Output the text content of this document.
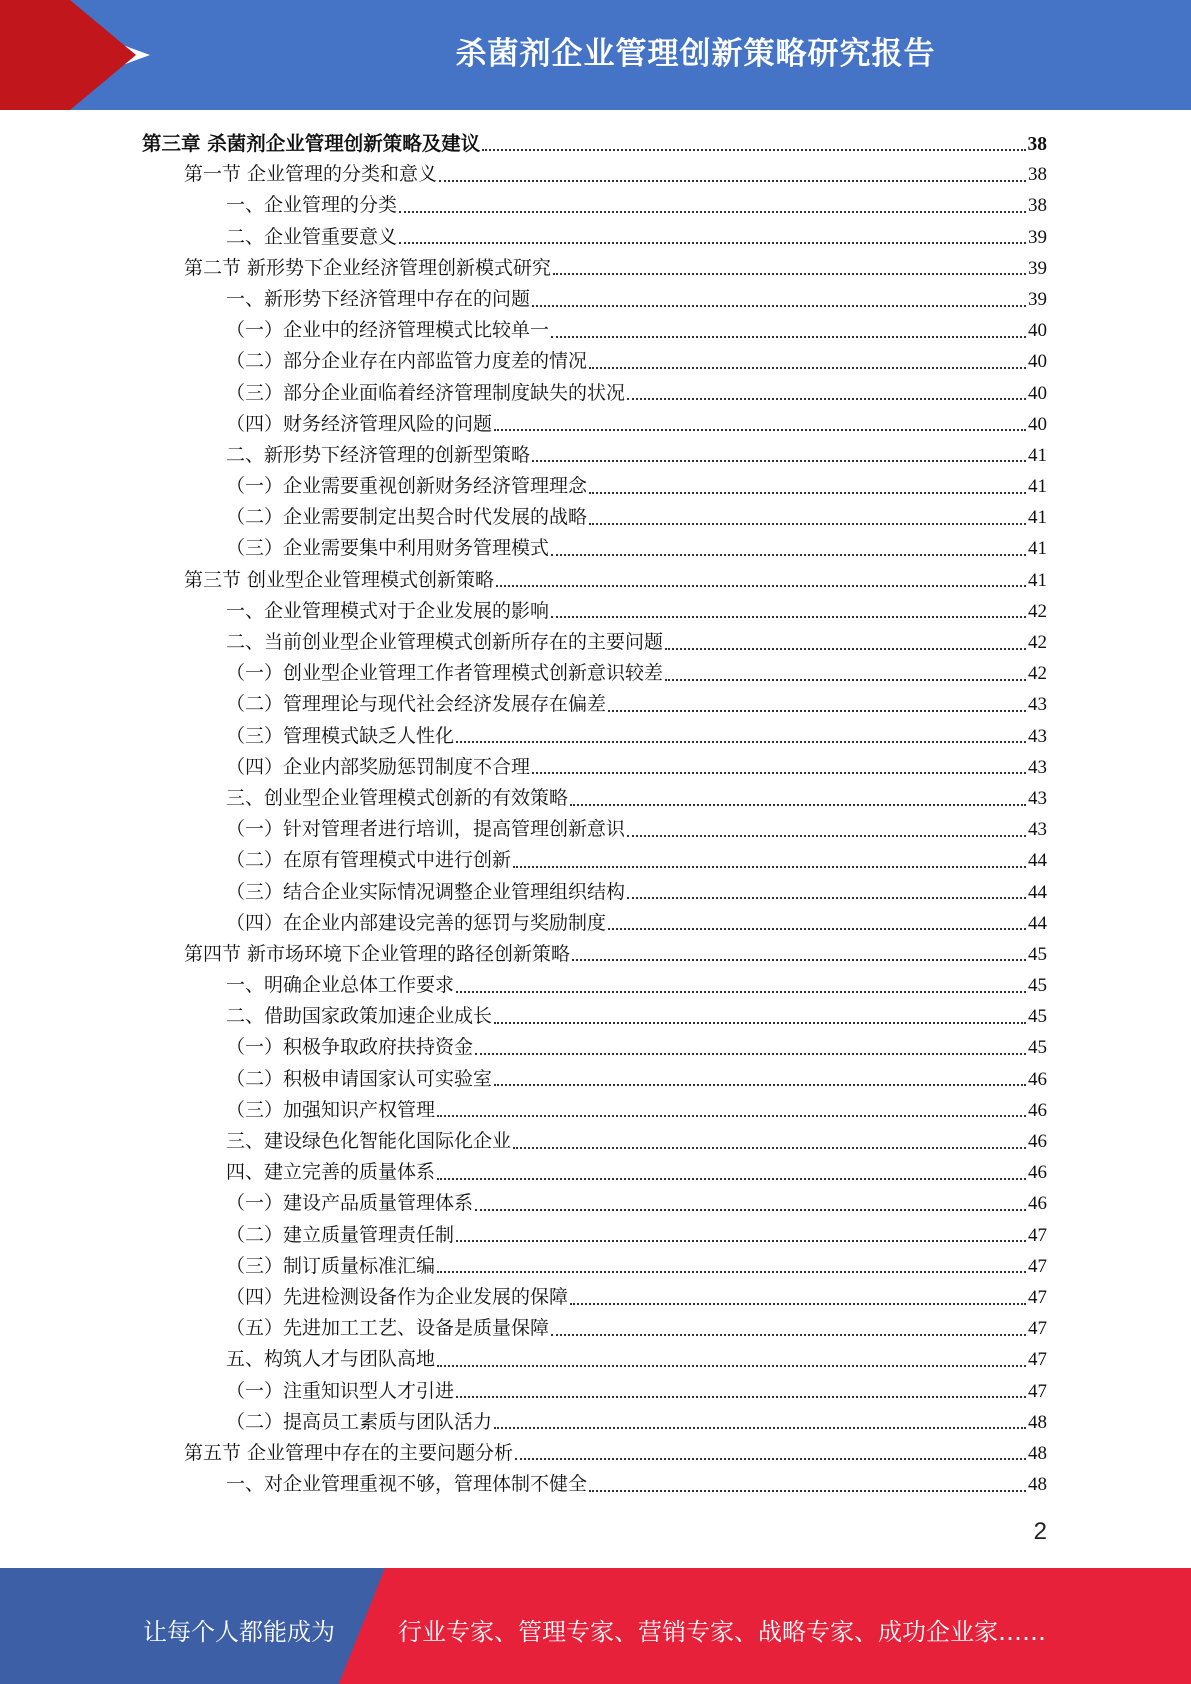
杀菌剂企业管理创新策略研究报告
第三章 杀菌剂企业管理创新策略及建议	38
第一节 企业管理的分类和意义	38
一、企业管理的分类	38
二、企业管重要意义	39
第二节 新形势下企业经济管理创新模式研究	39
一、新形势下经济管理中存在的问题	39
（一）企业中的经济管理模式比较单一	40
（二）部分企业存在内部监管力度差的情况	40
（三）部分企业面临着经济管理制度缺失的状况	40
（四）财务经济管理风险的问题	40
二、新形势下经济管理的创新型策略	41
（一）企业需要重视创新财务经济管理理念	41
（二）企业需要制定出契合时代发展的战略	41
（三）企业需要集中利用财务管理模式	41
第三节 创业型企业管理模式创新策略	41
一、企业管理模式对于企业发展的影响	42
二、当前创业型企业管理模式创新所存在的主要问题	42
（一）创业型企业管理工作者管理模式创新意识较差	42
（二）管理理论与现代社会经济发展存在偏差	43
（三）管理模式缺乏人性化	43
（四）企业内部奖励惩罚制度不合理	43
三、创业型企业管理模式创新的有效策略	43
（一）针对管理者进行培训，提高管理创新意识	43
（二）在原有管理模式中进行创新	44
（三）结合企业实际情况调整企业管理组织结构	44
（四）在企业内部建设完善的惩罚与奖励制度	44
第四节 新市场环境下企业管理的路径创新策略	45
一、明确企业总体工作要求	45
二、借助国家政策加速企业成长	45
（一）积极争取政府扶持资金	45
（二）积极申请国家认可实验室	46
（三）加强知识产权管理	46
三、建设绿色化智能化国际化企业	46
四、建立完善的质量体系	46
（一）建设产品质量管理体系	46
（二）建立质量管理责任制	47
（三）制订质量标准汇编	47
（四）先进检测设备作为企业发展的保障	47
（五）先进加工工艺、设备是质量保障	47
五、构筑人才与团队高地	47
（一）注重知识型人才引进	47
（二）提高员工素质与团队活力	48
第五节 企业管理中存在的主要问题分析	48
一、对企业管理重视不够，管理体制不健全	48
2
让每个人都能成为	行业专家、管理专家、营销专家、战略专家、成功企业家……
